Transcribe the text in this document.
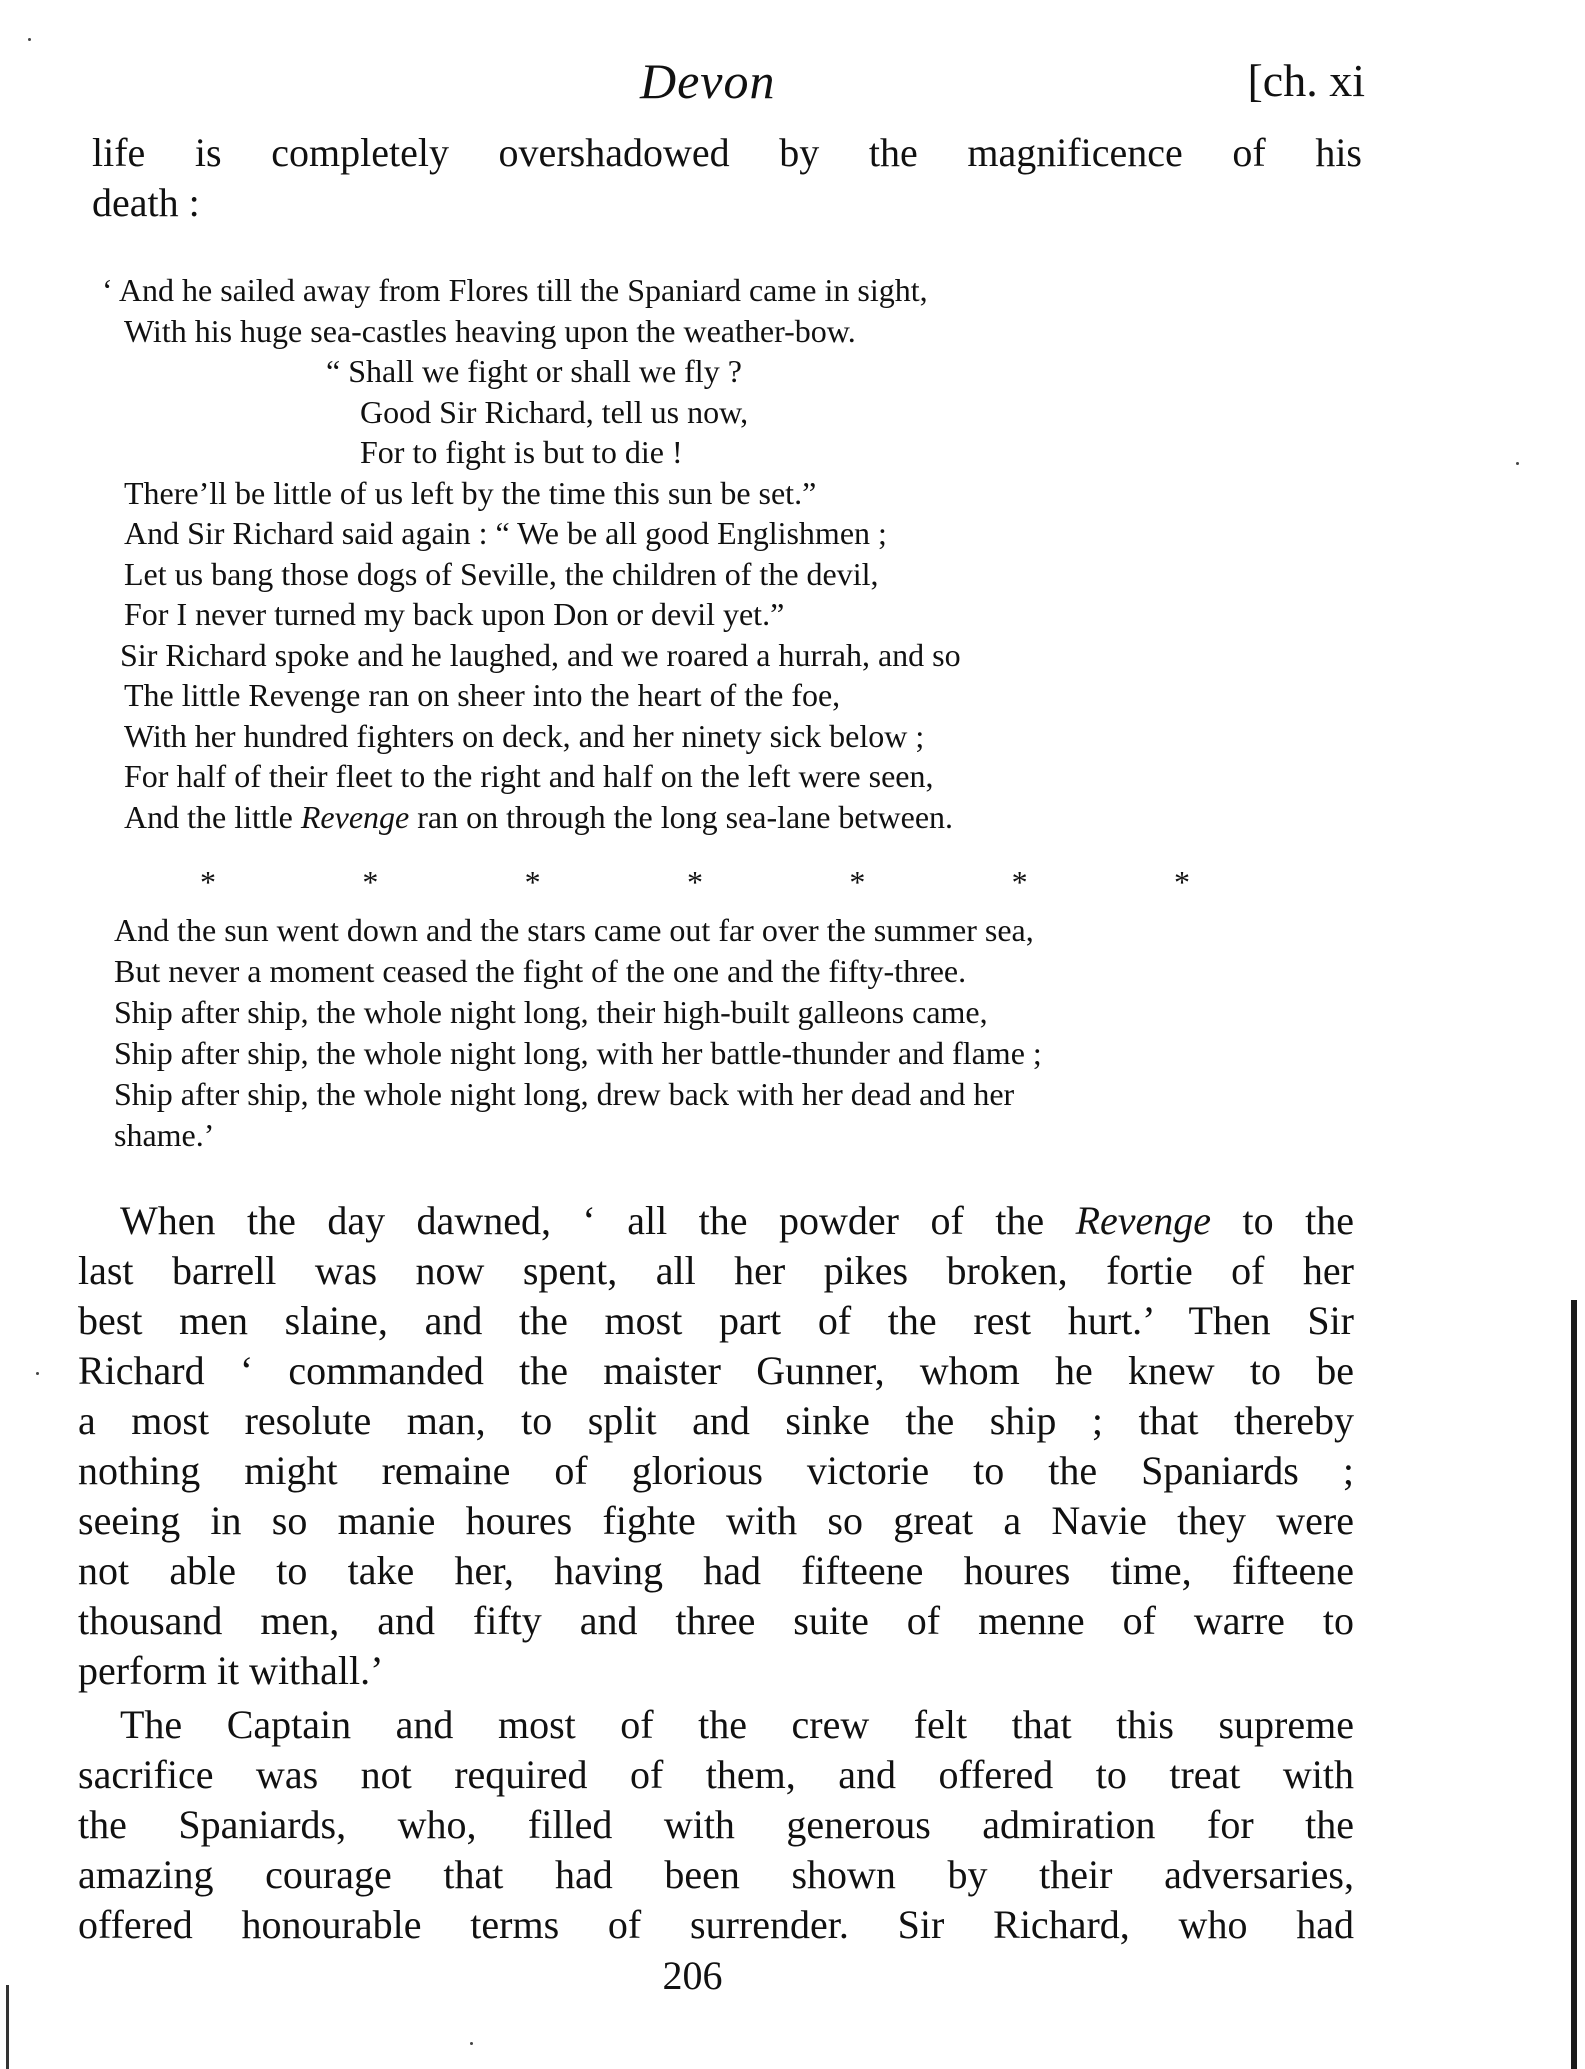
Devon	[ch. xi
life is completely overshadowed by the magnificence of his
death :
‘ And he sailed away from Flores till the Spaniard came in sight,
With his huge sea-castles heaving upon the weather-bow.
“ Shall we fight or shall we fly ?
Good Sir Richard, tell us now,
For to fight is but to die !
There’ll be little of us left by the time this sun be set.”
And Sir Richard said again : “ We be all good Englishmen ;
Let us bang those dogs of Seville, the children of the devil,
For I never turned my back upon Don or devil yet.”
Sir Richard spoke and he laughed, and we roared a hurrah, and so
The little Revenge ran on sheer into the heart of the foe,
With her hundred fighters on deck, and her ninety sick below ;
For half of their fleet to the right and half on the left were seen,
And the little Revenge ran on through the long sea-lane between.
*	*	*	*	*	*	*
And the sun went down and the stars came out far over the summer sea,
But never a moment ceased the fight of the one and the fifty-three.
Ship after ship, the whole night long, their high-built galleons came,
Ship after ship, the whole night long, with her battle-thunder and flame ;
Ship after ship, the whole night long, drew back with her dead and her
shame.’
When the day dawned, ‘ all the powder of the Revenge to the
last barrell was now spent, all her pikes broken, fortie of her
best men slaine, and the most part of the rest hurt.’ Then Sir
Richard ‘ commanded the maister Gunner, whom he knew to be
a most resolute man, to split and sinke the ship ; that thereby
nothing might remaine of glorious victorie to the Spaniards ;
seeing in so manie houres fighte with so great a Navie they were
not able to take her, having had fifteene houres time, fifteene
thousand men, and fifty and three suite of menne of warre to
perform it withall.’
The Captain and most of the crew felt that this supreme
sacrifice was not required of them, and offered to treat with
the Spaniards, who, filled with generous admiration for the
amazing courage that had been shown by their adversaries,
offered honourable terms of surrender. Sir Richard, who had
206
